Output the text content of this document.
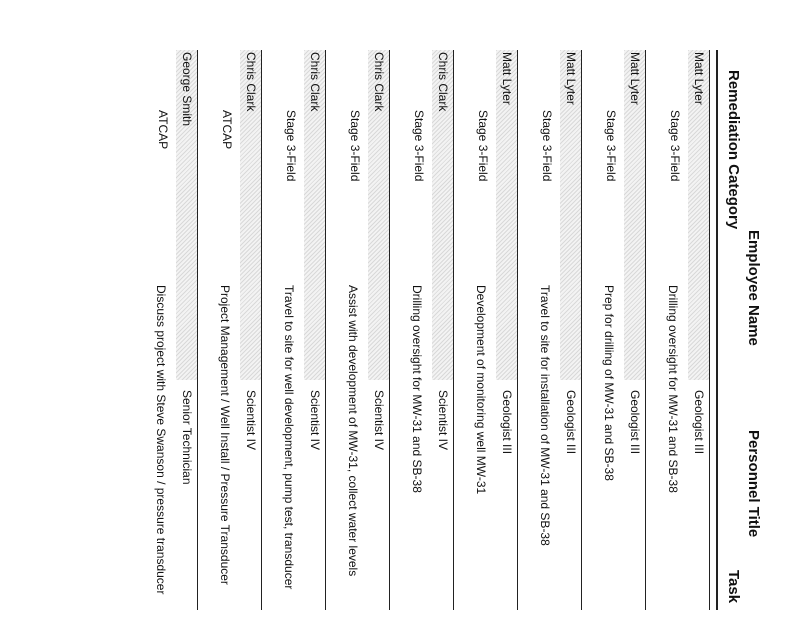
Employee Name
Remediation Category
Personnel Title
Task
Matt Lyter
Stage 3-Field
Drilling oversight for MW-31 and SB-38 Geologist III
Matt Lyter
Stage 3-Field
Prep for drilling of MW-31 and SB-38 Geologist III
Matt Lyter
Stage 3-Field
Travel to site for installation of MW-31 and SB-38 Geologist III
Matt Lyter
Stage 3-Field
Development of monitoring well MW-31 Geologist III
Chris Clark
Stage 3-Field
Drilling oversight for MW-31 and SB-38 Scientist IV
Chris Clark
Stage 3-Field
Assist with development of MW-31, collect water levels Scientist IV
Chris Clark
Stage 3-Field
Travel to site for well development, pump test, transducer Scientist IV
Chris Clark
ATCAP
Project Management / Well Install / Pressure Transducer Scientist IV
George Smith
ATCAP
Discuss project with Steve Swanson / pressure transducer Senior Technician
